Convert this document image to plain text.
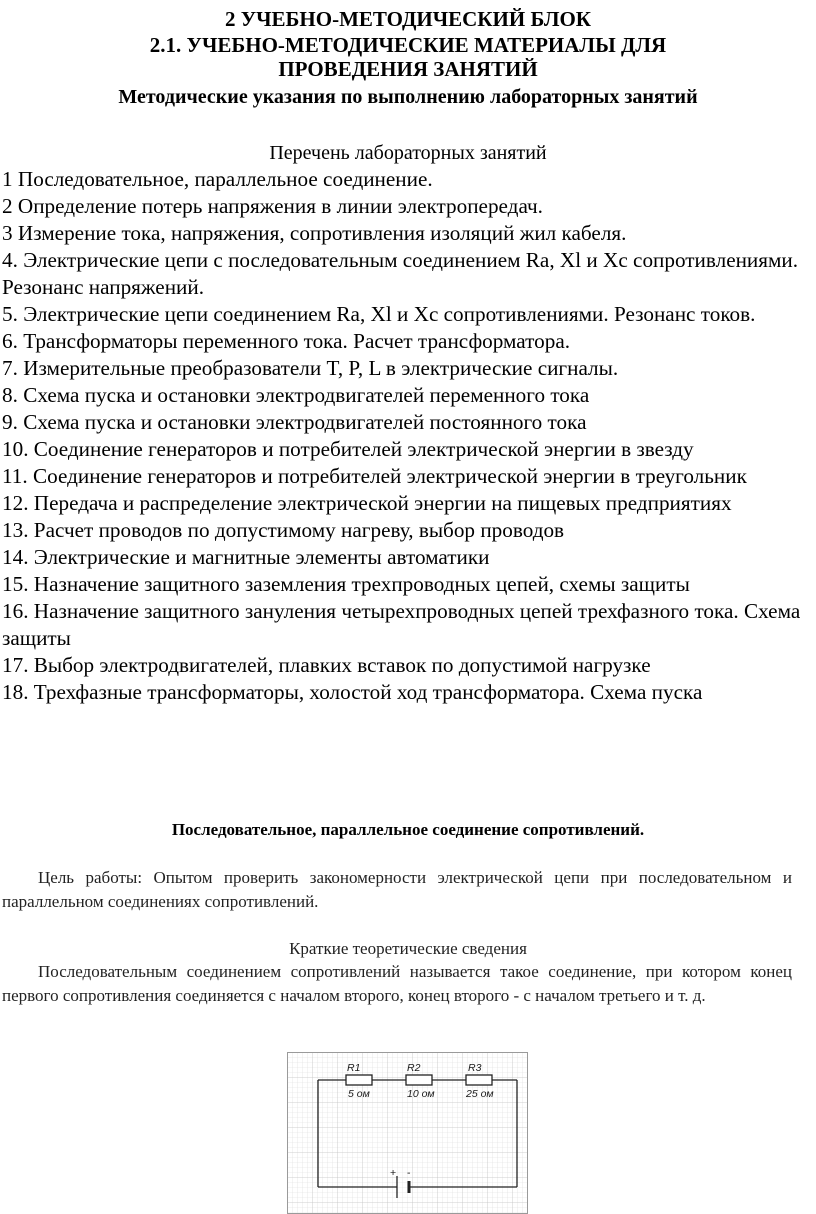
2 УЧЕБНО-МЕТОДИЧЕСКИЙ БЛОК
2.1. УЧЕБНО-МЕТОДИЧЕСКИЕ МАТЕРИАЛЫ ДЛЯ
ПРОВЕДЕНИЯ ЗАНЯТИЙ
Методические указания по выполнению лабораторных занятий
Перечень лабораторных занятий
1 Последовательное, параллельное соединение.
2 Определение потерь напряжения в линии электропередач.
3 Измерение тока, напряжения, сопротивления изоляций жил кабеля.
4. Электрические цепи с последовательным соединением Ra, Xl и Xc сопротивлениями. Резонанс напряжений.
5. Электрические цепи соединением Ra, Xl и Xc сопротивлениями. Резонанс токов.
6. Трансформаторы переменного тока. Расчет трансформатора.
7. Измерительные преобразователи T, P, L в электрические сигналы.
8. Схема пуска и остановки электродвигателей переменного тока
9. Схема пуска и остановки электродвигателей постоянного тока
10. Соединение генераторов и потребителей электрической энергии в звезду
11. Соединение генераторов и потребителей электрической энергии в треугольник
12. Передача и распределение электрической энергии на пищевых предприятиях
13. Расчет проводов по допустимому нагреву, выбор проводов
14. Электрические и магнитные элементы автоматики
15. Назначение защитного заземления трехпроводных цепей, схемы защиты
16. Назначение защитного зануления четырехпроводных цепей трехфазного тока. Схема защиты
17. Выбор электродвигателей, плавких вставок по допустимой нагрузке
18. Трехфазные трансформаторы, холостой ход трансформатора. Схема пуска
Последовательное, параллельное соединение сопротивлений.
Цель работы: Опытом проверить закономерности электрической цепи при последовательном и параллельном соединениях сопротивлений.
Краткие теоретические сведения
Последовательным соединением сопротивлений называется такое соединение, при котором конец первого сопротивления соединяется с началом второго, конец второго - с началом третьего и т. д.
R1	R2	R3
5 ом	10 ом	25 ом
+ -
